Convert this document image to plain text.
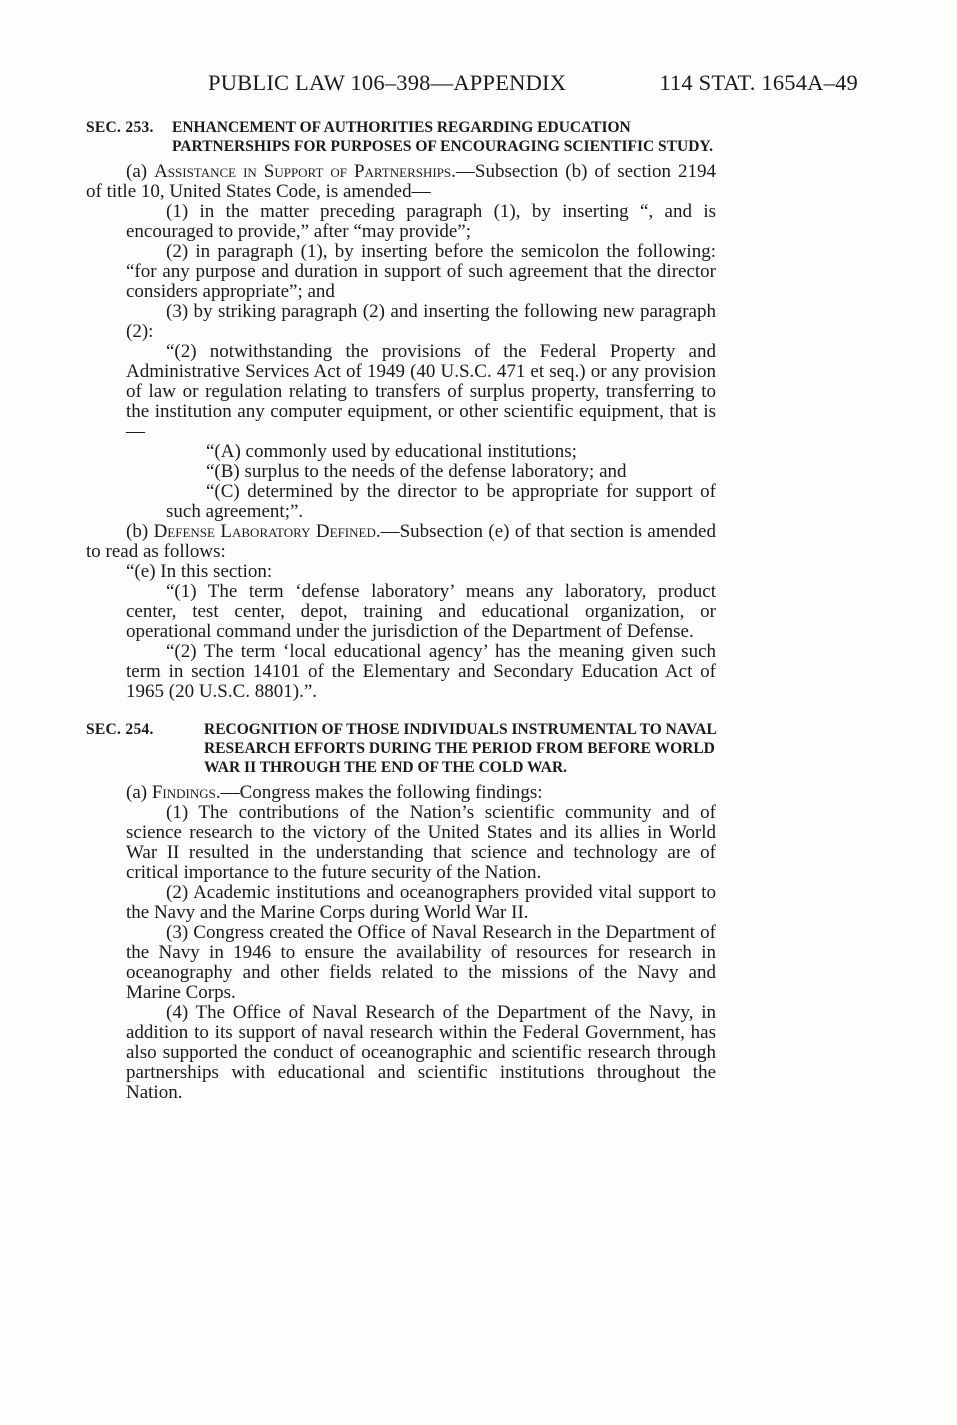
PUBLIC LAW 106–398—APPENDIX	114 STAT. 1654A–49
SEC. 253.	ENHANCEMENT OF AUTHORITIES REGARDING EDUCATION PARTNERSHIPS FOR PURPOSES OF ENCOURAGING SCIENTIFIC STUDY.

(a) Assistance in Support of Partnerships.—Subsection (b) of section 2194 of title 10, United States Code, is amended—

(1) in the matter preceding paragraph (1), by inserting “, and is encouraged to provide,” after “may provide”;

(2) in paragraph (1), by inserting before the semicolon the following: “for any purpose and duration in support of such agreement that the director considers appropriate”; and

(3) by striking paragraph (2) and inserting the following new paragraph (2):

“(2) notwithstanding the provisions of the Federal Property and Administrative Services Act of 1949 (40 U.S.C. 471 et seq.) or any provision of law or regulation relating to transfers of surplus property, transferring to the institution any computer equipment, or other scientific equipment, that is—

“(A) commonly used by educational institutions;

“(B) surplus to the needs of the defense laboratory; and

“(C) determined by the director to be appropriate for support of such agreement;”.

(b) Defense Laboratory Defined.—Subsection (e) of that section is amended to read as follows:

“(e) In this section:

“(1) The term ‘defense laboratory’ means any laboratory, product center, test center, depot, training and educational organization, or operational command under the jurisdiction of the Department of Defense.

“(2) The term ‘local educational agency’ has the meaning given such term in section 14101 of the Elementary and Secondary Education Act of 1965 (20 U.S.C. 8801).”.

SEC. 254.	RECOGNITION OF THOSE INDIVIDUALS INSTRUMENTAL TO NAVAL RESEARCH EFFORTS DURING THE PERIOD FROM BEFORE WORLD WAR II THROUGH THE END OF THE COLD WAR.

(a) Findings.—Congress makes the following findings:

(1) The contributions of the Nation’s scientific community and of science research to the victory of the United States and its allies in World War II resulted in the understanding that science and technology are of critical importance to the future security of the Nation.

(2) Academic institutions and oceanographers provided vital support to the Navy and the Marine Corps during World War II.

(3) Congress created the Office of Naval Research in the Department of the Navy in 1946 to ensure the availability of resources for research in oceanography and other fields related to the missions of the Navy and Marine Corps.

(4) The Office of Naval Research of the Department of the Navy, in addition to its support of naval research within the Federal Government, has also supported the conduct of oceanographic and scientific research through partnerships with educational and scientific institutions throughout the Nation.
